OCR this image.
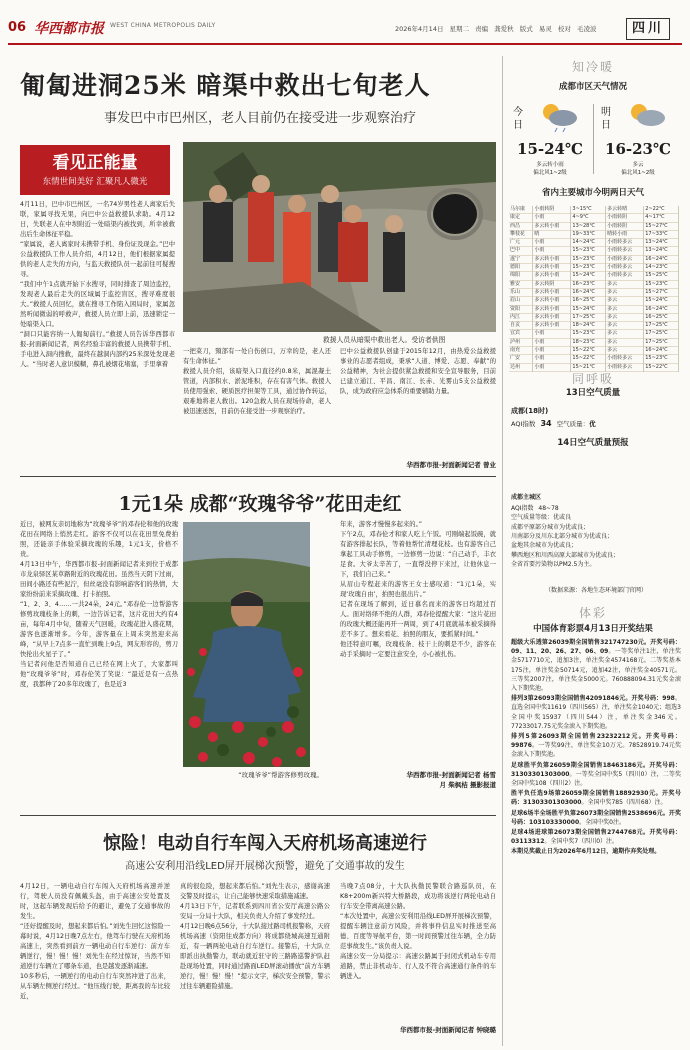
06 华西都市报 WEST CHINA METROPOLIS DAILY	2026年4月14日 星期二 责编 龚爱秋 版式 易灵 校对 毛凌波	四川
匍匐进洞25米 暗渠中救出七旬老人
事发巴中市巴州区，老人目前仍在接受进一步观察治疗
看见正能量
东情世间美好 汇聚凡人微光
4月11日，巴中市巴州区，一名74岁男性老人离家后失联，家属寻找无果，向巴中公益救援队求助。4月12日，失联老人在中坝附近一处暗渠内被找到，所幸被救出后生命体征平稳。
“家属说，老人离家时未携带手机、身份证及现金。”巴中公益救援队工作人员介绍，4月12日，他们根据家属提供的老人走失的方向，与监天救援队员一起前往可疑搜寻。
“我们中午1点就开始下水搜寻，同时排查了周边监控，发现老人最后走失的区域属于监控盲区，搜寻难度很大。”救援人员回忆，就在搜寻工作陷入困局时，家属忽然听闻微弱的呼救声，救援人员立即上前，迅速锁定一处暗渠入口。
“洞口只能容纳一人匍匐前行。”救援人员告诉华西都市报-封面新闻记者，两名经验丰富的救援人员携带手机、手电进入洞内搜救，最终在越洞内部约25米深处发现老人。“当时老人意识模糊，鼻孔被烟花堵塞，手里拿着
一把菜刀，頸部有一处自伤创口，万幸的是，老人还有生命体征。”
救援人员介绍，该暗渠入口直径约0.8米，属混凝土管道，内部积水、淤泥堆积，存在有害气体。救援人员使用强索、硬质医疗担架等工具，通过协作转运，艰难地将老人救出。120急救人员在现场待命，老人被迅速送医，目前仍在接受进一步观察治疗。
巴中公益救援队创建于2015年12月，由热爱公益救援事业的志愿者组成，秉承“人道、博爱、志愿、奉献”的公益精神，为社会提供紧急救援和安全宣导服务，目前已建立通江、平昌、南江、长赤、光雾山5支公益救援队，成为政府应急体系的重要辅助力量。
华西都市报-封面新闻记者 曾业
救援人员从暗渠中救出老人。受访者供图
1元1朵 成都“玫瑰爷爷”花田走红
近日，被网友亲切地称为“玫瑰爷爷”的邓春伦和他的玫瑰花田在网络上悄然走红。游客不仅可以在花田里免费拍照，还能亲手体验采摘玫瑰的乐趣，1元1支，价格不贵。
4月13日中午，华西都市报-封面新闻记者来到位于成都市龙泉驿区某草路附近的玫瑰花田。虽然当天阴下过雨，田间小路还有些泥泞，但丝毫没有影响游客们的热情，大家纷纷前来采摘玫瑰、打卡拍照。
“1、2、3、4……一共24朵，24元。”邓春伦一边帮游客修剪玫瑰枝条上的刺，一边告诉记者，这片花田大约有4亩，每年4月中旬，随着天气回暖，玫瑰花进入盛花期，游客也逐渐增多。今年，游客量在上周末突然迎来高峰，“从早上7点多一直忙到晚上9点，网友形容的，剪刀快抡出火星子了。”
当记者问他是否知道自己已经在网上火了，大家都叫他“玫瑰爷爷”时，邓春伦笑了笑说：“最近是有一点热度，我都种了20多年玫瑰了，也是近3
“玫瑰爷爷”帮游客修剪玫瑰。
年来，游客才慢慢多起来的。”
下午2点，邓春伦才和家人吃上午饭。可刚端起饭碗，就有游客排起长队，等着他帮忙清理花枝。也有游客自己拿起工具动手修剪，一边修剪一边说：“自己动手，丰衣足食。大爷太辛苦了，一直帮没停下来过，让他休息一下，我们自己来。”
从眉山专程赶来的游客王女士感叹道：“1元1朵，实现‘玫瑰自由’，拍照也很出片。”
记者在现场了解到，近日慕名而来的游客日均超过百人。面对络绎不绝的人群，邓春伦提醒大家：“这片花田的玫瑰大概还能再开一两周，到了4月底就基本被采摘得差不多了。想来看花、拍照的朋友，要抓紧时间。”
他还特意叮嘱，玫瑰枝条、枝干上的刺是不少，游客在动手采摘时一定要注意安全，小心被扎伤。
华西都市报-封面新闻记者 杨雪
月 柴枫桔 摄影报道
惊险！电动自行车闯入天府机场高速逆行
高速公安利用沿线LED屏开展梯次预警，避免了交通事故的发生
4月12日，一辆电动自行车闯入天府机场高速并逆行，驾驶人员没有佩戴头盔，由于高速公安处置及时，这起车辆发现后给予的避让，避免了交通事故的发生。
“还好提醒及时，想起来都后怕。”刘先生回忆这惊险一幕时说，4月12日晚7点左右，他驾车行驶在天府机场高速上，突然看到前方一辆电动自行车逆行：前方车辆逆行，慢！慢！慢！刘先生在经过惊讶，当然不知道逆行车辆立了哪条车道，也是越发逐渐减速。
10多秒后，一辆逆行的电动自行车突然冲进了出来，从车辆左侧逆行经过。“他压线行驶，距离我的车比较近，
真的很危险，想起来都后怕。”刘先生表示，感谢高速交警及时提示，让自己能够快速采取措施减速。
4月13日下午，记者联系到四川省公安厅高速公路公安局一分局十大队，相关负责人介绍了事发经过。
4月12日晚6点56分，十大队接过路司机报警称，天府机场高速（资阳往成都方向）将成都绕城高速互通附近，有一辆两轮电动自行车逆行。接警后，十大队立即派出执勤警力，联动就近驻守的三路路巡警护队赶赴现场处置，同时通过路面LED屏滚动播放“前方车辆逆行，慢！慢！慢！”提示文字，梯次安全预警，警示过往车辆避险措施。
当晚7点08分，十大队执勤民警联合路巡队员，在K8+200m新兴特大桥路段，成功将该逆行两轮电动自行车安全带离高速公路。
“本次处置中，高速公安利用沿线LED屏开展梯次预警，提醒车辆注意前方风险，并将事件信息实时推送至高德、百度等导航平台，第一时间预警过往车辆，全力防范事故发生。”该负责人说。
高速公安一分局提示：高速公路属于封闭式机动车专用道路，禁止非机动车、行人及不符合高速通行条件的车辆进入。
华西都市报-封面新闻记者 钟晓璐
知冷暖
成都市区天气情况
今日
15-24℃
多云转小雨
偏北风1~2级
明日
16-23℃
多云
偏北风1~2级
省内主要城市今明两日天气
马尔康	小雨转阴	3~15℃	多云转晴	2~22℃
康定	小雨	4~9℃	小雨转阴	4~17℃
西昌	多云转小雨	13~28℃	小雨转阴	15~27℃
攀枝花	晴	19~33℃	晴转小雨	17~33℃
广元	小雨	14~24℃	小雨转多云	13~24℃
巴中	小雨	15~23℃	小雨转多云	13~24℃
遂宁	多云转小雨	15~23℃	小雨转多云	16~24℃
德阳	多云转小雨	15~23℃	小雨转多云	14~23℃
绵阳	多云转小雨	15~24℃	小雨转多云	15~25℃
雅安	多云转阴	16~23℃	多云	15~23℃
乐山	多云转小雨	16~24℃	多云	15~27℃
眉山	多云转小雨	16~25℃	多云	15~24℃
资阳	多云转小雨	15~24℃	多云	16~24℃
内江	多云转小雨	17~25℃	多云	16~25℃
自贡	多云转小雨	18~24℃	多云	17~25℃
宜宾	小雨	15~23℃	多云	17~25℃
泸州	小雨	18~23℃	多云	17~25℃
南充	小雨	15~22℃	多云	16~24℃
广安	小雨	15~22℃	小雨转多云	15~23℃
达州	小雨	15~21℃	小雨转多云	15~22℃
同呼吸
13日空气质量
成都(18时)
AQI指数 34 空气质量：优
14日空气质量预报
成都主城区
AQI指数 48~78
空气质量等级：优或良
成都平原部分城市为优或良；
川南部分及川东北部分城市为优或良；
盆地其余城市为优或良；
攀西地区和川西高原大部城市为优或良；
全省首要污染物以PM2.5为主。
（数据来源：各地生态环境部门官网）
体彩
中国体育彩票4月13日开奖结果
超级大乐透第26039期全国销售321747230元。开奖号码：09、11、20、26、27、06、09。一等奖单注1注，单注奖金5717710元，追加3注，单注奖金4574168元。二等奖基本175注，单注奖金50714元，追加42注，单注奖金40571元。三等奖2007注，单注奖金5000元。760888094.31元奖金滚入下期奖池。
排列3第26093期全国销售42091846元。开奖号码：998。直选全国中奖11619（四川565）注，单注奖金1040元；组选3全国中奖15937（四川544）注，单注奖金346元。77233017.75元奖金滚入下期奖池。
排列5第26093期全国销售23232212元。开奖号码：99876。一等奖99注，单注奖金10万元。78528919.74元奖金滚入下期奖池。
足球胜平负第26059期全国销售18463186元。开奖号码：31303301303000。一等奖全国中奖5（四川0）注，二等奖全国中奖108（四川2）注。
胜平负任选9场第26059期全国销售18892930元。开奖号码：31303301303000。全国中奖785（四川68）注。
足球6场半全场胜平负第26073期全国销售2538696元。开奖号码：103103330000。全国中奖0注。
足球4场进球第26073期全国销售2744768元。开奖号码：03113312。全国中奖7（四川0）注。
本期兑奖截止日为2026年6月12日，逾期作弃奖处理。
